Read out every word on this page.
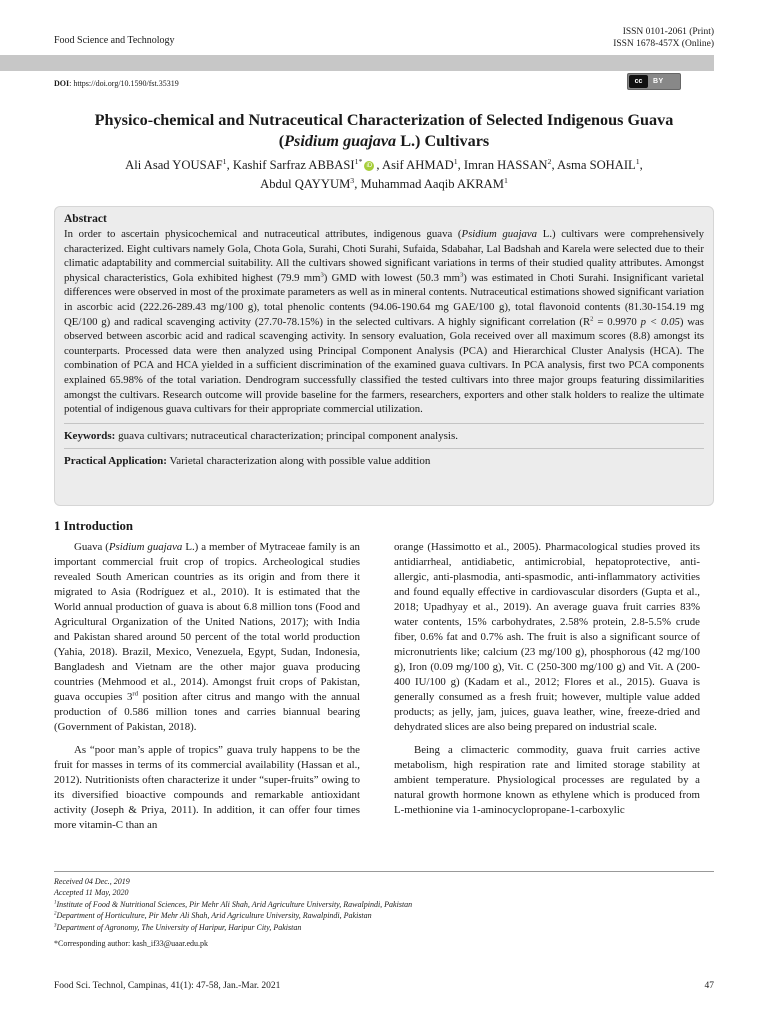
Food Science and Technology
ISSN 0101-2061 (Print)
ISSN 1678-457X (Online)
DOI: https://doi.org/10.1590/fst.35319	cc	BY
Physico-chemical and Nutraceutical Characterization of Selected Indigenous Guava
(Psidium guajava L.) Cultivars
Ali Asad YOUSAF$^1$, Kashif Sarfraz $ABBASI^{1*}iD$ , Asif AHMAD$^1$, Imran HASSAN$^2$, Asma SOHAIL$^1$,
Abdul QAYYUM$^3$, Muhammad Aaqib AKRAM$^1$
Abstract

In order to ascertain physicochemical and nutraceutical attributes, indigenous guava (Psidium guajava L.) cultivars were comprehensively characterized. Eight cultivars namely Gola, Chota Gola, Surahi, Choti Surahi, Sufaida, Sdabahar, Lal Badshah and Karela were selected due to their climatic adaptability and commercial suitability. All the cultivars showed significant variations in terms of their studied quality attributes. Amongst physical characteristics, Gola exhibited highest (79.9 $mm^3$) GMD with lowest (50.3 $mm^3$) was estimated in Choti Surahi. Insignificant varietal differences were observed in most of the proximate parameters as well as in mineral contents. Nutraceutical estimations showed significant variation in ascorbic acid (222.26-289.43 mg/100 g), total phenolic contents (94.06-190.64 mg GAE/100 g), total flavonoid contents (81.30-154.19 mg QE/100 g) and radical scavenging activity (27.70-78.15%) in the selected cultivars. A highly significant correlation ($R^2 = 0.9970$ p < 0.05) was observed between ascorbic acid and radical scavenging activity. In sensory evaluation, Gola received over all maximum scores (8.8) amongst its counterparts. Processed data were then analyzed using Principal Component Analysis (PCA) and Hierarchical Cluster Analysis (HCA). The combination of PCA and HCA yielded in a sufficient discrimination of the examined guava cultivars. In PCA analysis, first two PCA components explained 65.98% of the total variation. Dendrogram successfully classified the tested cultivars into three major groups featuring dissimilarities amongst the cultivars. Research outcome will provide baseline for the farmers, researchers, exporters and other stalk holders to realize the ultimate potential of indigenous guava cultivars for their appropriate commercial utilization.

Keywords: guava cultivars; nutraceutical characterization; principal component analysis.
Practical Application: Varietal characterization along with possible value addition
1 Introduction

Guava (Psidium guajava L.) a member of Mytraceae family is an important commercial fruit crop of tropics. Archeological studies revealed South American countries as its origin and from there it migrated to Asia (Rodríguez et al., 2010). It is estimated that the World annual production of guava is about 6.8 million tons (Food and Agricultural Organization of the United Nations, 2017); with India and Pakistan shared around 50 percent of the total world production (Yahia, 2018). Brazil, Mexico, Venezuela, Egypt, Sudan, Indonesia, Bangladesh and Vietnam are the other major guava producing countries (Mehmood et al., 2014). Amongst fruit crops of Pakistan, guava occupies 3rd position after citrus and mango with the annual production of 0.586 million tones and carries biannual bearing (Government of Pakistan, 2018).

As “poor man’s apple of tropics” guava truly happens to be the fruit for masses in terms of its commercial availability (Hassan et al., 2012). Nutritionists often characterize it under “super-fruits” owing to its diversified bioactive compounds and remarkable antioxidant activity (Joseph & Priya, 2011). In addition, it can offer four times more vitamin-C than an

orange (Hassimotto et al., 2005). Pharmacological studies proved its antidiarrheal, antidiabetic, antimicrobial, hepatoprotective, anti-allergic, anti-plasmodia, anti-spasmodic, anti-inflammatory activities and found equally effective in cardiovascular disorders (Gupta et al., 2018; Upadhyay et al., 2019). An average guava fruit carries 83% water contents, 15% carbohydrates, 2.58% protein, 2.8-5.5% crude fiber, 0.6% fat and 0.7% ash. The fruit is also a significant source of micronutrients like; calcium (23 mg/100 g), phosphorous (42 mg/100 g), Iron (0.09 mg/100 g), Vit. C (250-300 mg/100 g) and Vit. A (200-400 IU/100 g) (Kadam et al., 2012; Flores et al., 2015). Guava is generally consumed as a fresh fruit; however, multiple value added products; as jelly, jam, juices, guava leather, wine, freeze-dried and dehydrated slices are also being prepared on industrial scale.

Being a climacteric commodity, guava fruit carries active metabolism, high respiration rate and limited storage stability at ambient temperature. Physiological processes are regulated by a natural growth hormone known as ethylene which is produced from L-methionine via 1-aminocyclopropane-1-carboxylic

Received 04 Dec., 2019
Accepted 11 May, 2020
$^1$Institute of Food & Nutritional Sciences, Pir Mehr Ali Shah, Arid Agriculture University, Rawalpindi, Pakistan
$^2$Department of Horticulture, Pir Mehr Ali Shah, Arid Agriculture University, Rawalpindi, Pakistan
$^3$Department of Agronomy, The University of Haripur, Haripur City, Pakistan
*Corresponding author: kash_if33@uaar.edu.pk
Food Sci. Technol, Campinas, 41(1): 47-58, Jan.-Mar. 2021	47
